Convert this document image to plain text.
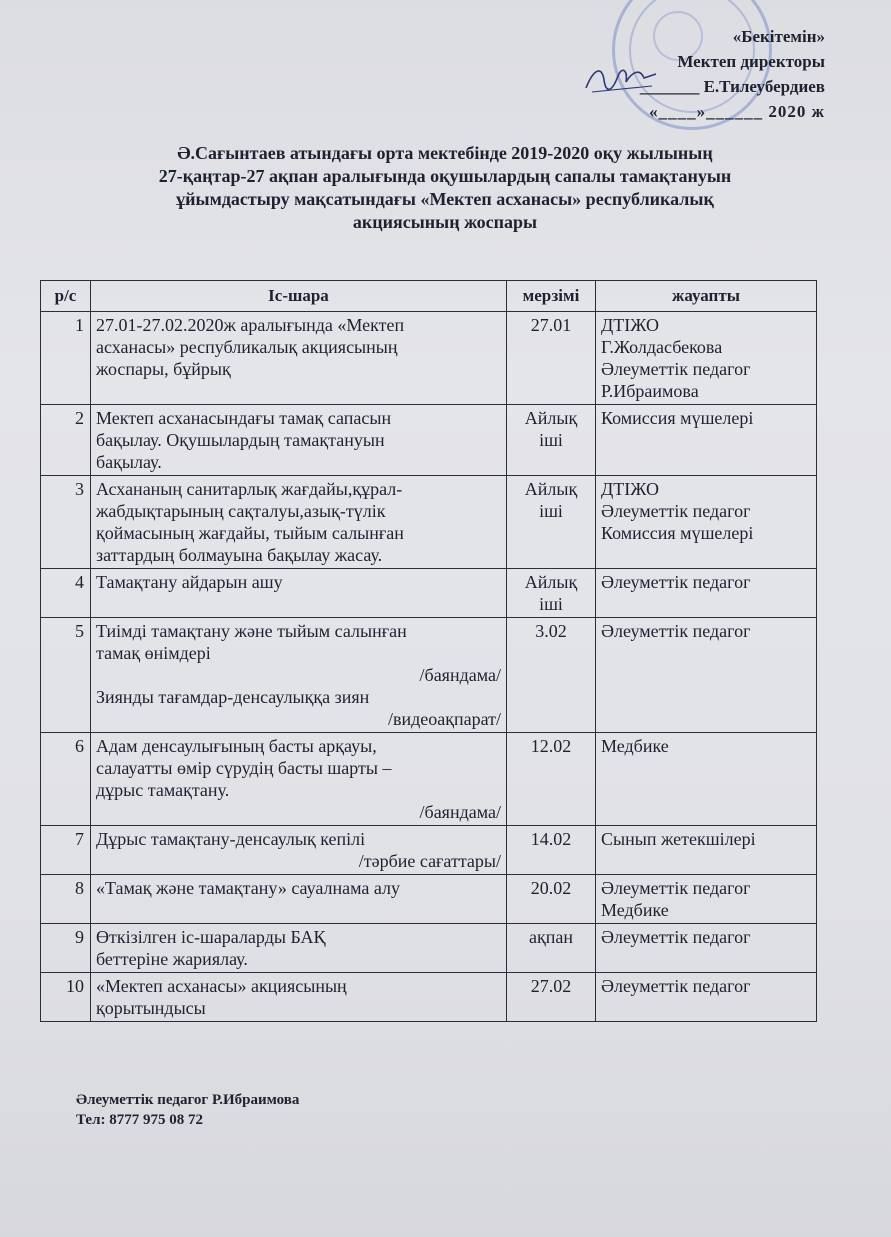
«Бекітемін»
Мектеп директоры
_______ Е.Тилеубердиев
«____»______ 2020 ж
Ә.Сағынтаев атындағы орта мектебінде 2019-2020 оқу жылының
27-қаңтар-27 ақпан аралығында оқушылардың сапалы тамақтануын
ұйымдастыру мақсатындағы «Мектеп асханасы» республикалық
акциясының жоспары
р/с	Іс-шара	мерзімі	жауапты
1	27.01-27.02.2020ж аралығында «Мектеп
асханасы» республикалық акциясының
жоспары, бұйрық	27.01	ДТІЖО
Г.Жолдасбекова
Әлеуметтік педагог
Р.Ибраимова

2	Мектеп асханасындағы тамақ сапасын
бақылау. Оқушылардың тамақтануын
бақылау.	Айлық іші	Комиссия мүшелері

3	Асхананың санитарлық жағдайы,құрал-
жабдықтарының сақталуы,азық-түлік
қоймасының жағдайы, тыйым салынған
заттардың болмауына бақылау жасау.	Айлық іші	ДТІЖО
Әлеуметтік педагог
Комиссия мүшелері

4	Тамақтану айдарын ашу	Айлық іші	Әлеуметтік педагог

5	Тиімді тамақтану және тыйым салынған
тамақ өнімдері
/баяндама/
Зиянды тағамдар-денсаулыққа зиян
/видеоақпарат/	3.02	Әлеуметтік педагог

6	Адам денсаулығының басты арқауы,
салауатты өмір сүрудің басты шарты –
дұрыс тамақтану.
/баяндама/	12.02	Медбике

7	Дұрыс тамақтану-денсаулық кепілі
/тәрбие сағаттары/	14.02	Сынып жетекшілері

8	«Тамақ және тамақтану» сауалнама алу	20.02	Әлеуметтік педагог
Медбике

9	Өткізілген іс-шараларды БАҚ
беттеріне жариялау.	ақпан	Әлеуметтік педагог

10	«Мектеп асханасы» акциясының
қорытындысы	27.02	Әлеуметтік педагог
Әлеуметтік педагог Р.Ибраимова
Тел: 8777 975 08 72
